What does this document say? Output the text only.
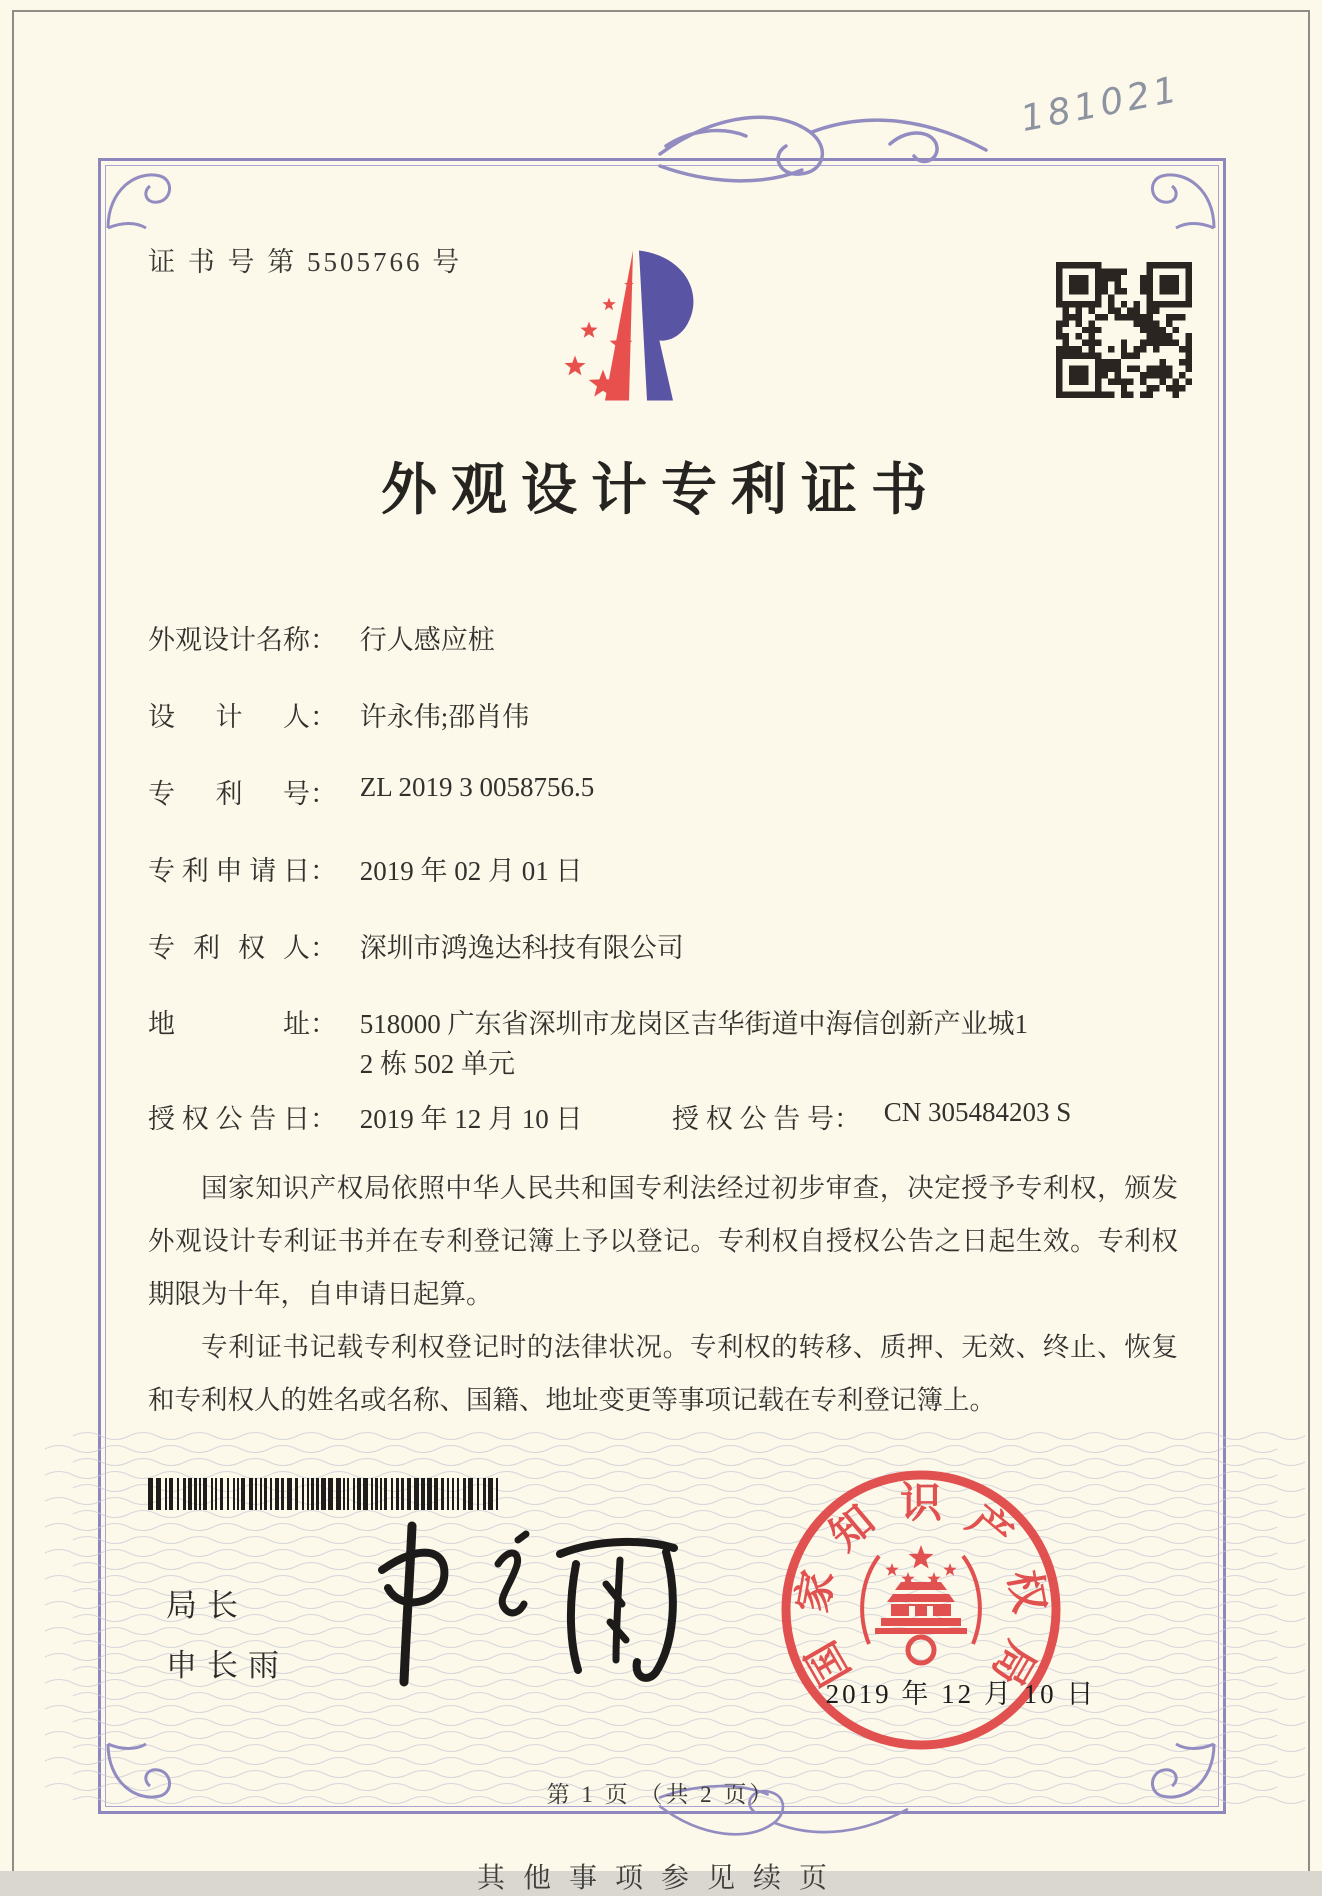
181021
证 书 号 第 5505766 号
外观设计专利证书
外观设计名称： 行人感应桩
设计人： 许永伟;邵肖伟
专利号： ZL 2019 3 0058756.5
专利申请日： 2019 年 02 月 01 日
专利权人： 深圳市鸿逸达科技有限公司
地址： 518000 广东省深圳市龙岗区吉华街道中海信创新产业城1
2 栋 502 单元
授权公告日： 2019 年 12 月 10 日	授权公告号： CN 305484203 S

国家知识产权局依照中华人民共和国专利法经过初步审查，决定授予专利权，颁发外观设计专利证书并在专利登记簿上予以登记。专利权自授权公告之日起生效。专利权期限为十年，自申请日起算。

专利证书记载专利权登记时的法律状况。专利权的转移、质押、无效、终止、恢复和专利权人的姓名或名称、国籍、地址变更等事项记载在专利登记簿上。

局长
申长雨	国
家
知 识 产
权
局
2019 年 12 月 10 日
第 1 页 （共 2 页）
其他事项参见续页
